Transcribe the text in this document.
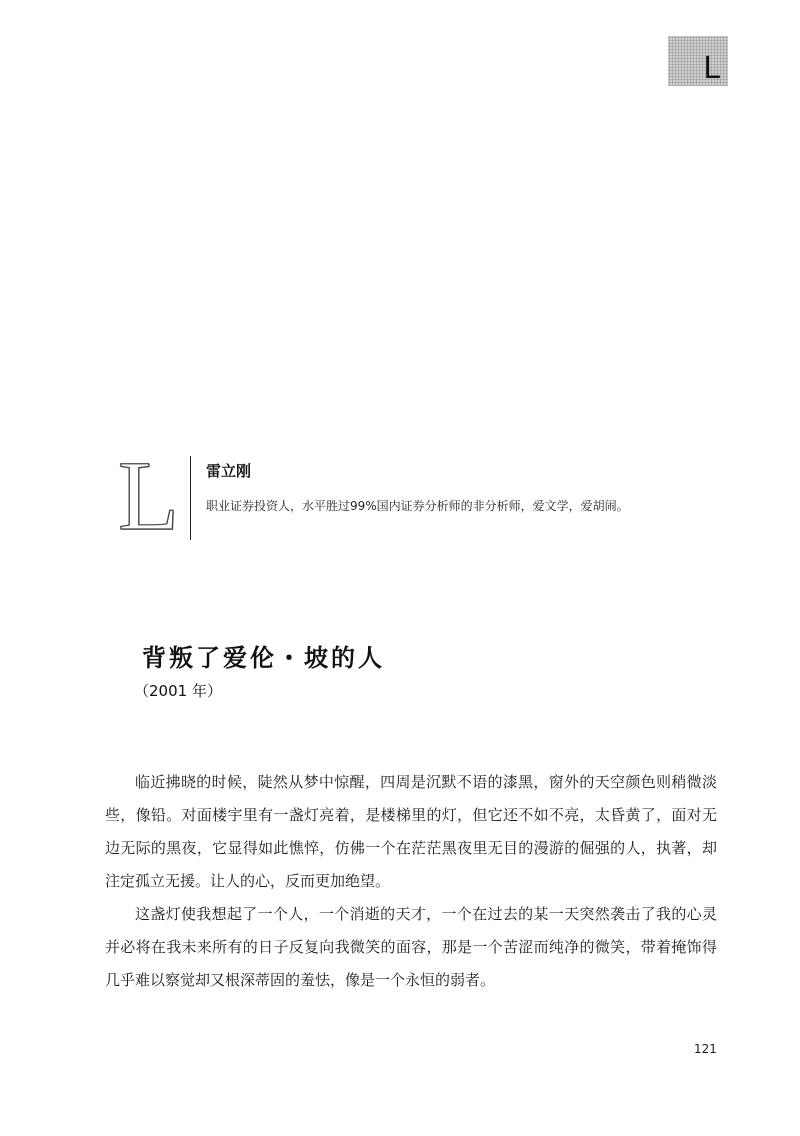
L
L	雷立刚
职业证券投资人，水平胜过99%国内证券分析师的非分析师，爱文学，爱胡闹。
背叛了爱伦・坡的人
（2001 年）

临近拂晓的时候，陡然从梦中惊醒，四周是沉默不语的漆黑，窗外的天空颜色则稍微淡些，像铅。对面楼宇里有一盏灯亮着，是楼梯里的灯，但它还不如不亮，太昏黄了，面对无边无际的黑夜，它显得如此憔悴，仿佛一个在茫茫黑夜里无目的漫游的倔强的人，执著，却注定孤立无援。让人的心，反而更加绝望。

这盏灯使我想起了一个人，一个消逝的天才，一个在过去的某一天突然袭击了我的心灵并必将在我未来所有的日子反复向我微笑的面容，那是一个苦涩而纯净的微笑，带着掩饰得几乎难以察觉却又根深蒂固的羞怯，像是一个永恒的弱者。

121
